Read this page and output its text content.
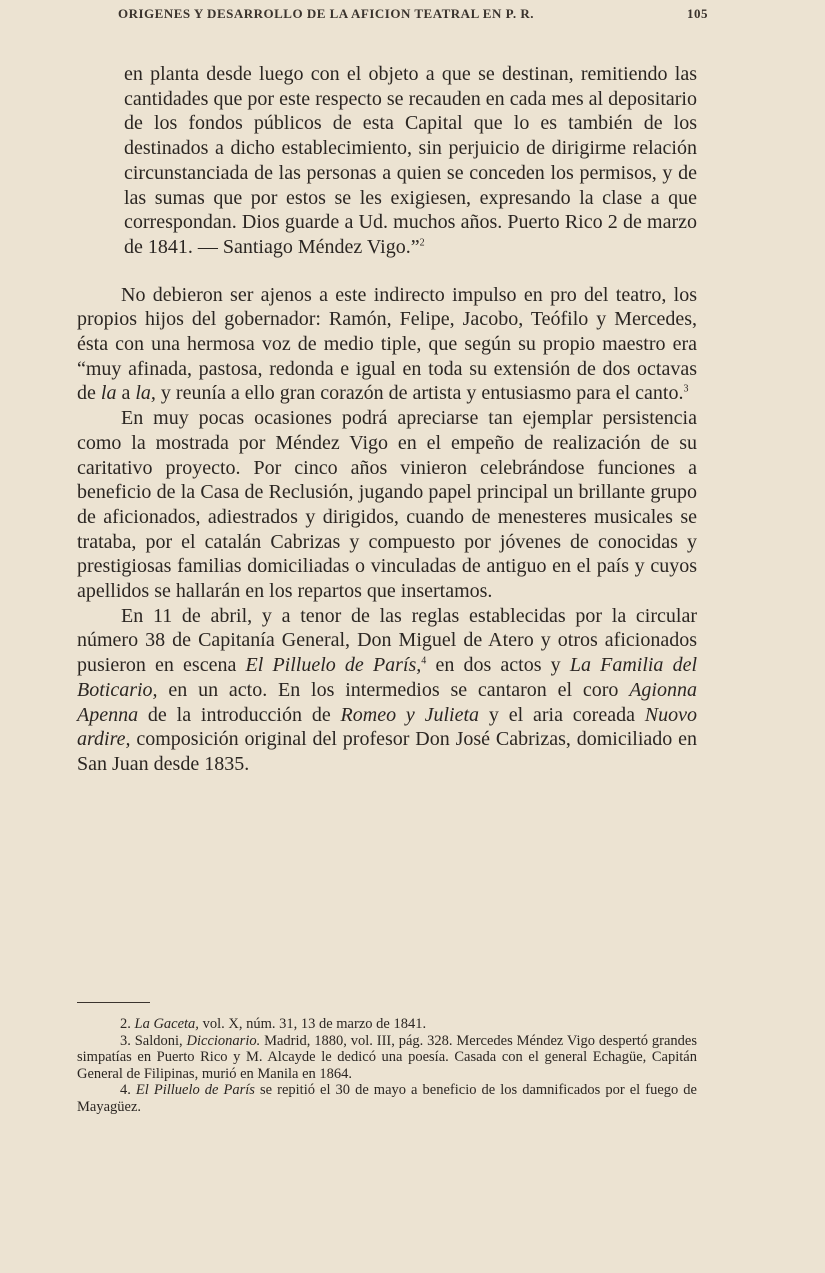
ORIGENES Y DESARROLLO DE LA AFICION TEATRAL EN P. R.	105

en planta desde luego con el objeto a que se destinan, remitiendo las cantidades que por este respecto se recauden en cada mes al depositario de los fondos públicos de esta Capital que lo es también de los destinados a dicho establecimiento, sin perjuicio de dirigirme relación circunstanciada de las personas a quien se conceden los permisos, y de las sumas que por estos se les exigiesen, expresando la clase a que correspondan. Dios guarde a Ud. muchos años. Puerto Rico 2 de marzo de 1841. — Santiago Méndez Vigo.”$^2$

No debieron ser ajenos a este indirecto impulso en pro del teatro, los propios hijos del gobernador: Ramón, Felipe, Jacobo, Teófilo y Mercedes, ésta con una hermosa voz de medio tiple, que según su propio maestro era “muy afinada, pastosa, redonda e igual en toda su extensión de dos octavas de la a la, y reunía a ello gran corazón de artista y entusiasmo para el canto.$^3$

En muy pocas ocasiones podrá apreciarse tan ejemplar persistencia como la mostrada por Méndez Vigo en el empeño de realización de su caritativo proyecto. Por cinco años vinieron celebrándose funciones a beneficio de la Casa de Reclusión, jugando papel principal un brillante grupo de aficionados, adiestrados y dirigidos, cuando de menesteres musicales se trataba, por el catalán Cabrizas y compuesto por jóvenes de conocidas y prestigiosas familias domiciliadas o vinculadas de antiguo en el país y cuyos apellidos se hallarán en los repartos que insertamos.

En 11 de abril, y a tenor de las reglas establecidas por la circular número 38 de Capitanía General, Don Miguel de Atero y otros aficionados pusieron en escena El Pilluelo de París,$^4$ en dos actos y La Familia del Boticario, en un acto. En los intermedios se cantaron el coro Agionna Apenna de la introducción de Romeo y Julieta y el aria coreada Nuovo ardire, composición original del profesor Don José Cabrizas, domiciliado en San Juan desde 1835.

2. La Gaceta, vol. X, núm. 31, 13 de marzo de 1841.

3. Saldoni, Diccionario. Madrid, 1880, vol. III, pág. 328. Mercedes Méndez Vigo despertó grandes simpatías en Puerto Rico y M. Alcayde le dedicó una poesía. Casada con el general Echagüe, Capitán General de Filipinas, murió en Manila en 1864.

4. El Pilluelo de París se repitió el 30 de mayo a beneficio de los damnificados por el fuego de Mayagüez.
